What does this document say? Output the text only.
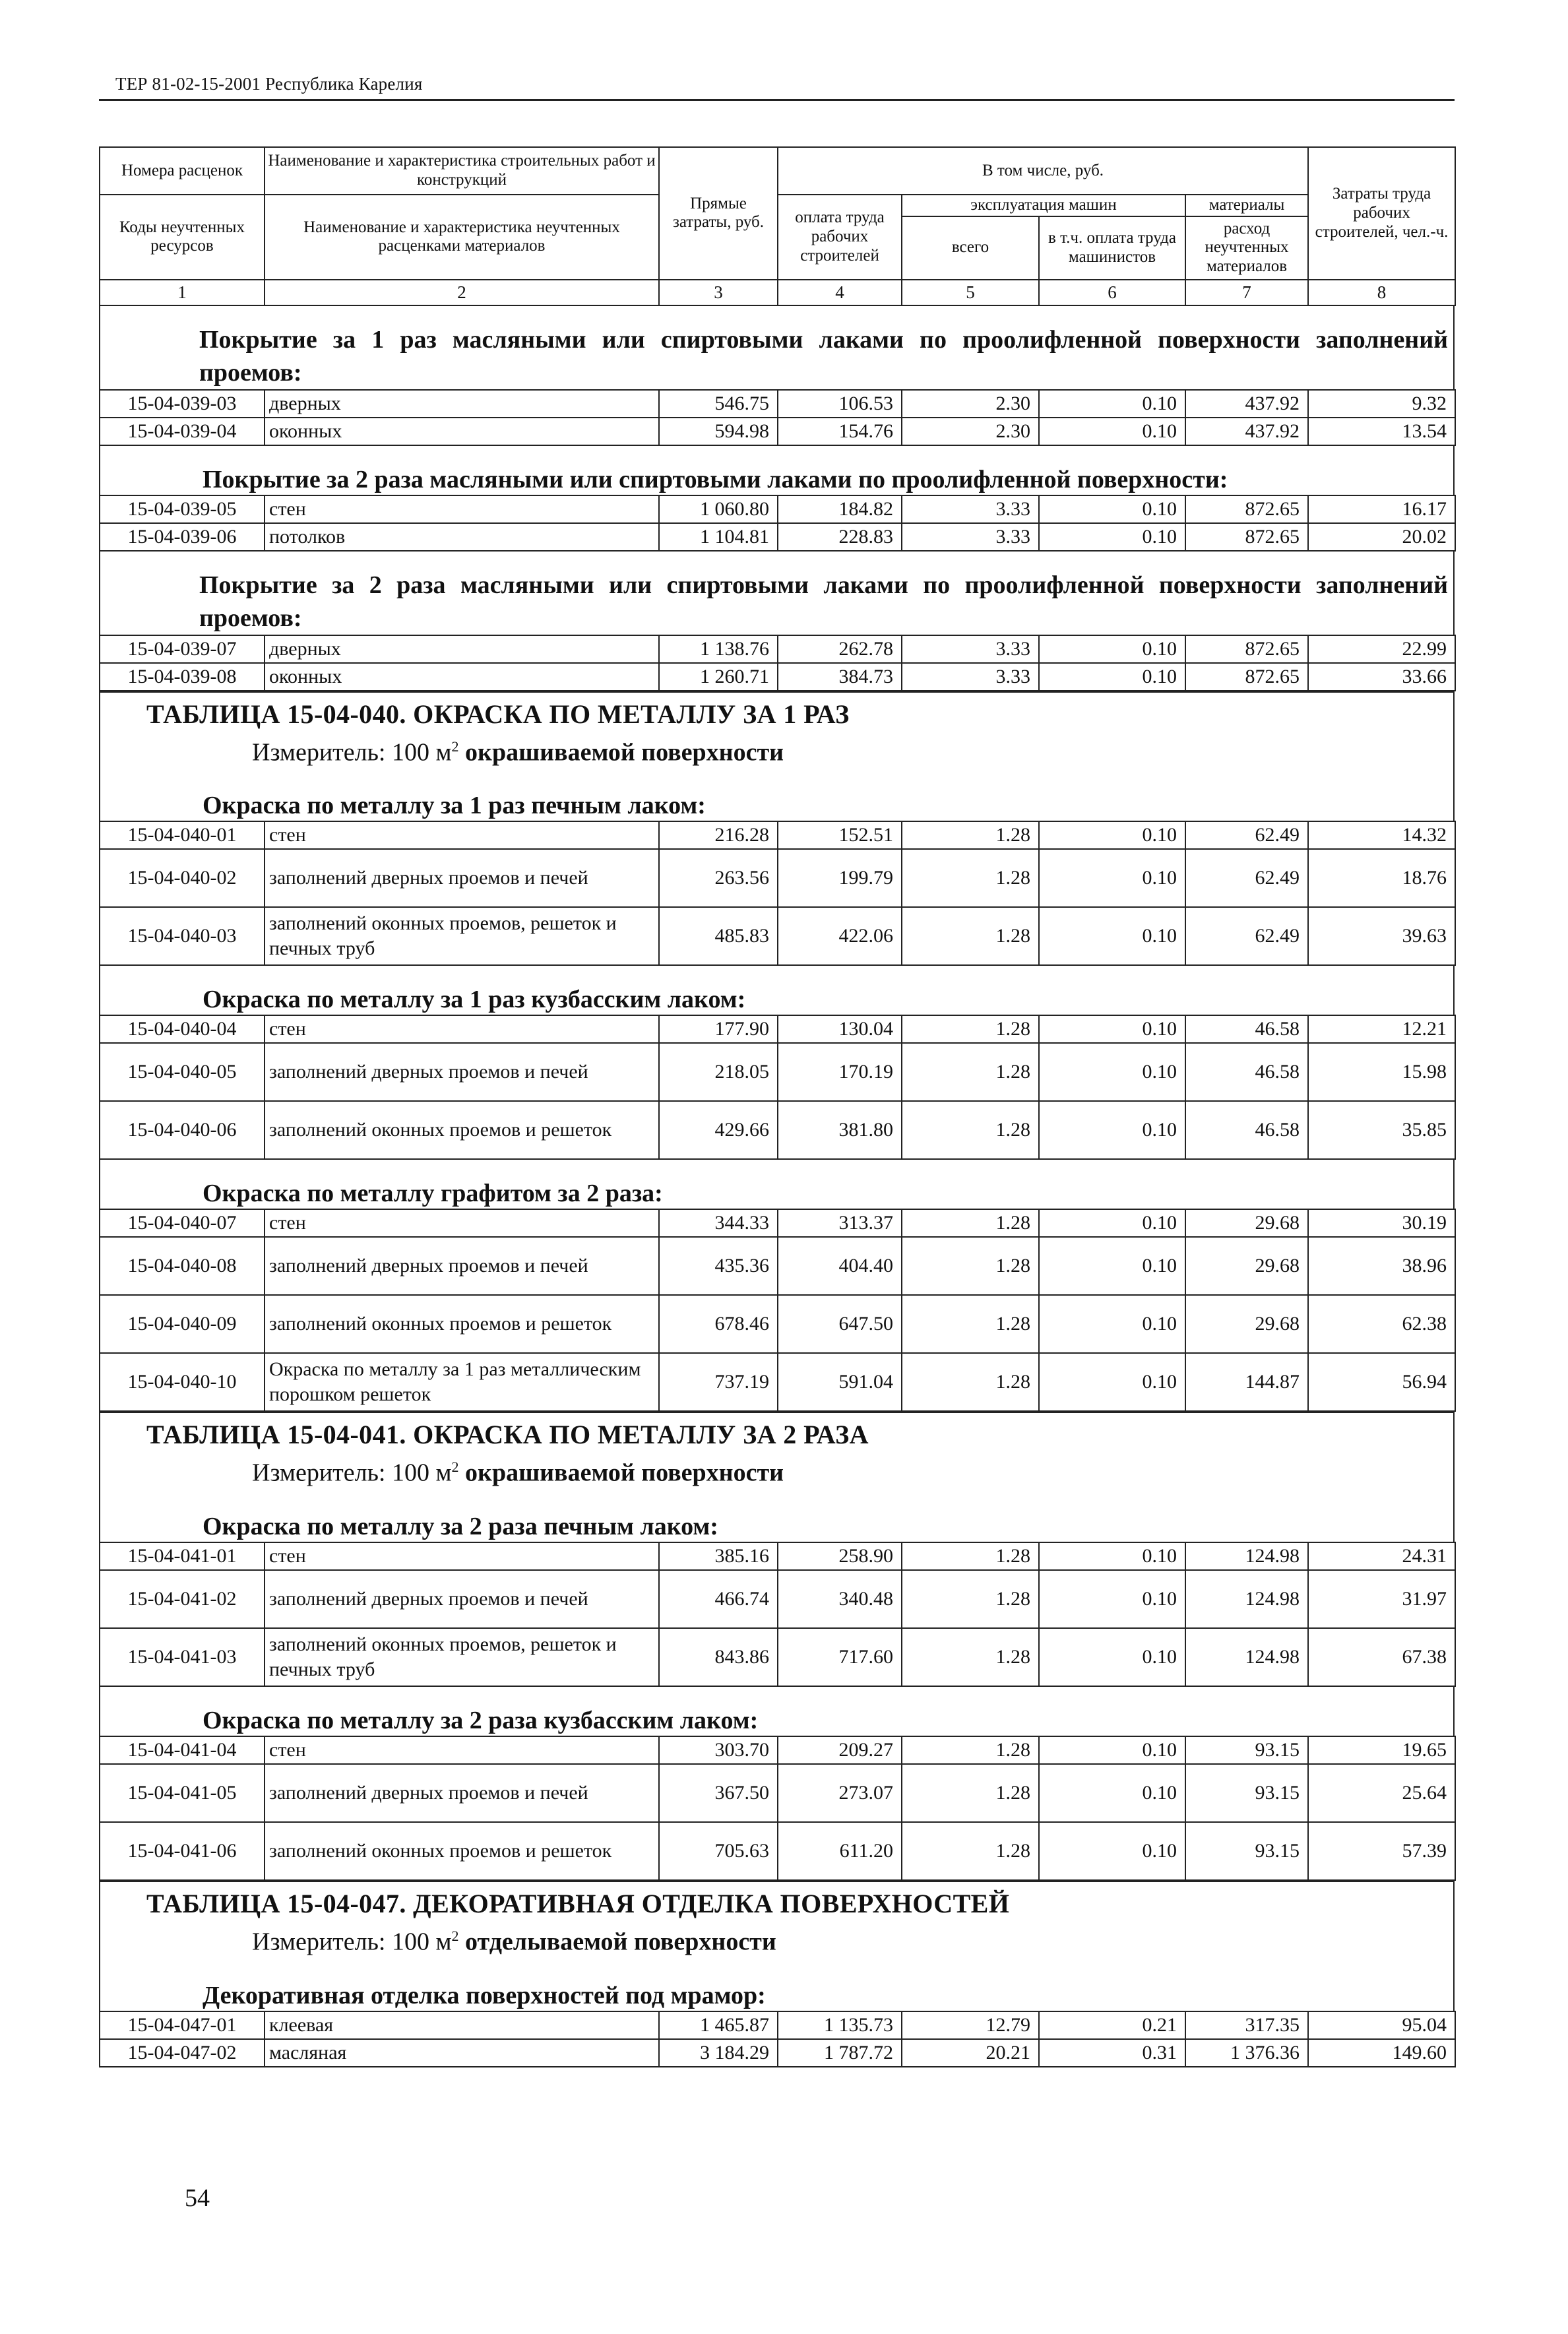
ТЕР 81-02-15-2001 Республика Карелия
Номера расценок	Наименование и характеристика строительных работ и конструкций	Прямые затраты, руб.	В том числе, руб.				Затраты труда рабочих строителей, чел.-ч.
Коды неучтенных ресурсов	Наименование и характеристика неучтенных расценками материалов		оплата труда рабочих строителей	эксплуатация машин		материалы	
				всего	в т.ч. оплата труда машинистов	расход неучтенных материалов	
1	2	3	4	5	6	7	8
Покрытие за 1 раз масляными или спиртовыми лаками по проолифленной поверхности заполнений проемов:
15-04-039-03	дверных	546.75	106.53	2.30	0.10	437.92	9.32
15-04-039-04	оконных	594.98	154.76	2.30	0.10	437.92	13.54
Покрытие за 2 раза масляными или спиртовыми лаками по проолифленной поверхности:
15-04-039-05	стен	1 060.80	184.82	3.33	0.10	872.65	16.17
15-04-039-06	потолков	1 104.81	228.83	3.33	0.10	872.65	20.02
Покрытие за 2 раза масляными или спиртовыми лаками по проолифленной поверхности заполнений проемов:
15-04-039-07	дверных	1 138.76	262.78	3.33	0.10	872.65	22.99
15-04-039-08	оконных	1 260.71	384.73	3.33	0.10	872.65	33.66
ТАБЛИЦА 15-04-040. ОКРАСКА ПО МЕТАЛЛУ ЗА 1 РАЗ
Измеритель: 100 $м^2$ окрашиваемой поверхности
Окраска по металлу за 1 раз печным лаком:
15-04-040-01	стен	216.28	152.51	1.28	0.10	62.49	14.32
15-04-040-02	заполнений дверных проемов и печей	263.56	199.79	1.28	0.10	62.49	18.76
15-04-040-03	заполнений оконных проемов, решеток и печных труб	485.83	422.06	1.28	0.10	62.49	39.63
Окраска по металлу за 1 раз кузбасским лаком:
15-04-040-04	стен	177.90	130.04	1.28	0.10	46.58	12.21
15-04-040-05	заполнений дверных проемов и печей	218.05	170.19	1.28	0.10	46.58	15.98
15-04-040-06	заполнений оконных проемов и решеток	429.66	381.80	1.28	0.10	46.58	35.85
Окраска по металлу графитом за 2 раза:
15-04-040-07	стен	344.33	313.37	1.28	0.10	29.68	30.19
15-04-040-08	заполнений дверных проемов и печей	435.36	404.40	1.28	0.10	29.68	38.96
15-04-040-09	заполнений оконных проемов и решеток	678.46	647.50	1.28	0.10	29.68	62.38
15-04-040-10	Окраска по металлу за 1 раз металлическим порошком решеток	737.19	591.04	1.28	0.10	144.87	56.94
ТАБЛИЦА 15-04-041. ОКРАСКА ПО МЕТАЛЛУ ЗА 2 РАЗА
Измеритель: 100 $м^2$ окрашиваемой поверхности
Окраска по металлу за 2 раза печным лаком:
15-04-041-01	стен	385.16	258.90	1.28	0.10	124.98	24.31
15-04-041-02	заполнений дверных проемов и печей	466.74	340.48	1.28	0.10	124.98	31.97
15-04-041-03	заполнений оконных проемов, решеток и печных труб	843.86	717.60	1.28	0.10	124.98	67.38
Окраска по металлу за 2 раза кузбасским лаком:
15-04-041-04	стен	303.70	209.27	1.28	0.10	93.15	19.65
15-04-041-05	заполнений дверных проемов и печей	367.50	273.07	1.28	0.10	93.15	25.64
15-04-041-06	заполнений оконных проемов и решеток	705.63	611.20	1.28	0.10	93.15	57.39
ТАБЛИЦА 15-04-047. ДЕКОРАТИВНАЯ ОТДЕЛКА ПОВЕРХНОСТЕЙ
Измеритель: 100 $м^2$ отделываемой поверхности
Декоративная отделка поверхностей под мрамор:
15-04-047-01	клеевая	1 465.87	1 135.73	12.79	0.21	317.35	95.04
15-04-047-02	масляная	3 184.29	1 787.72	20.21	0.31	1 376.36	149.60
54
